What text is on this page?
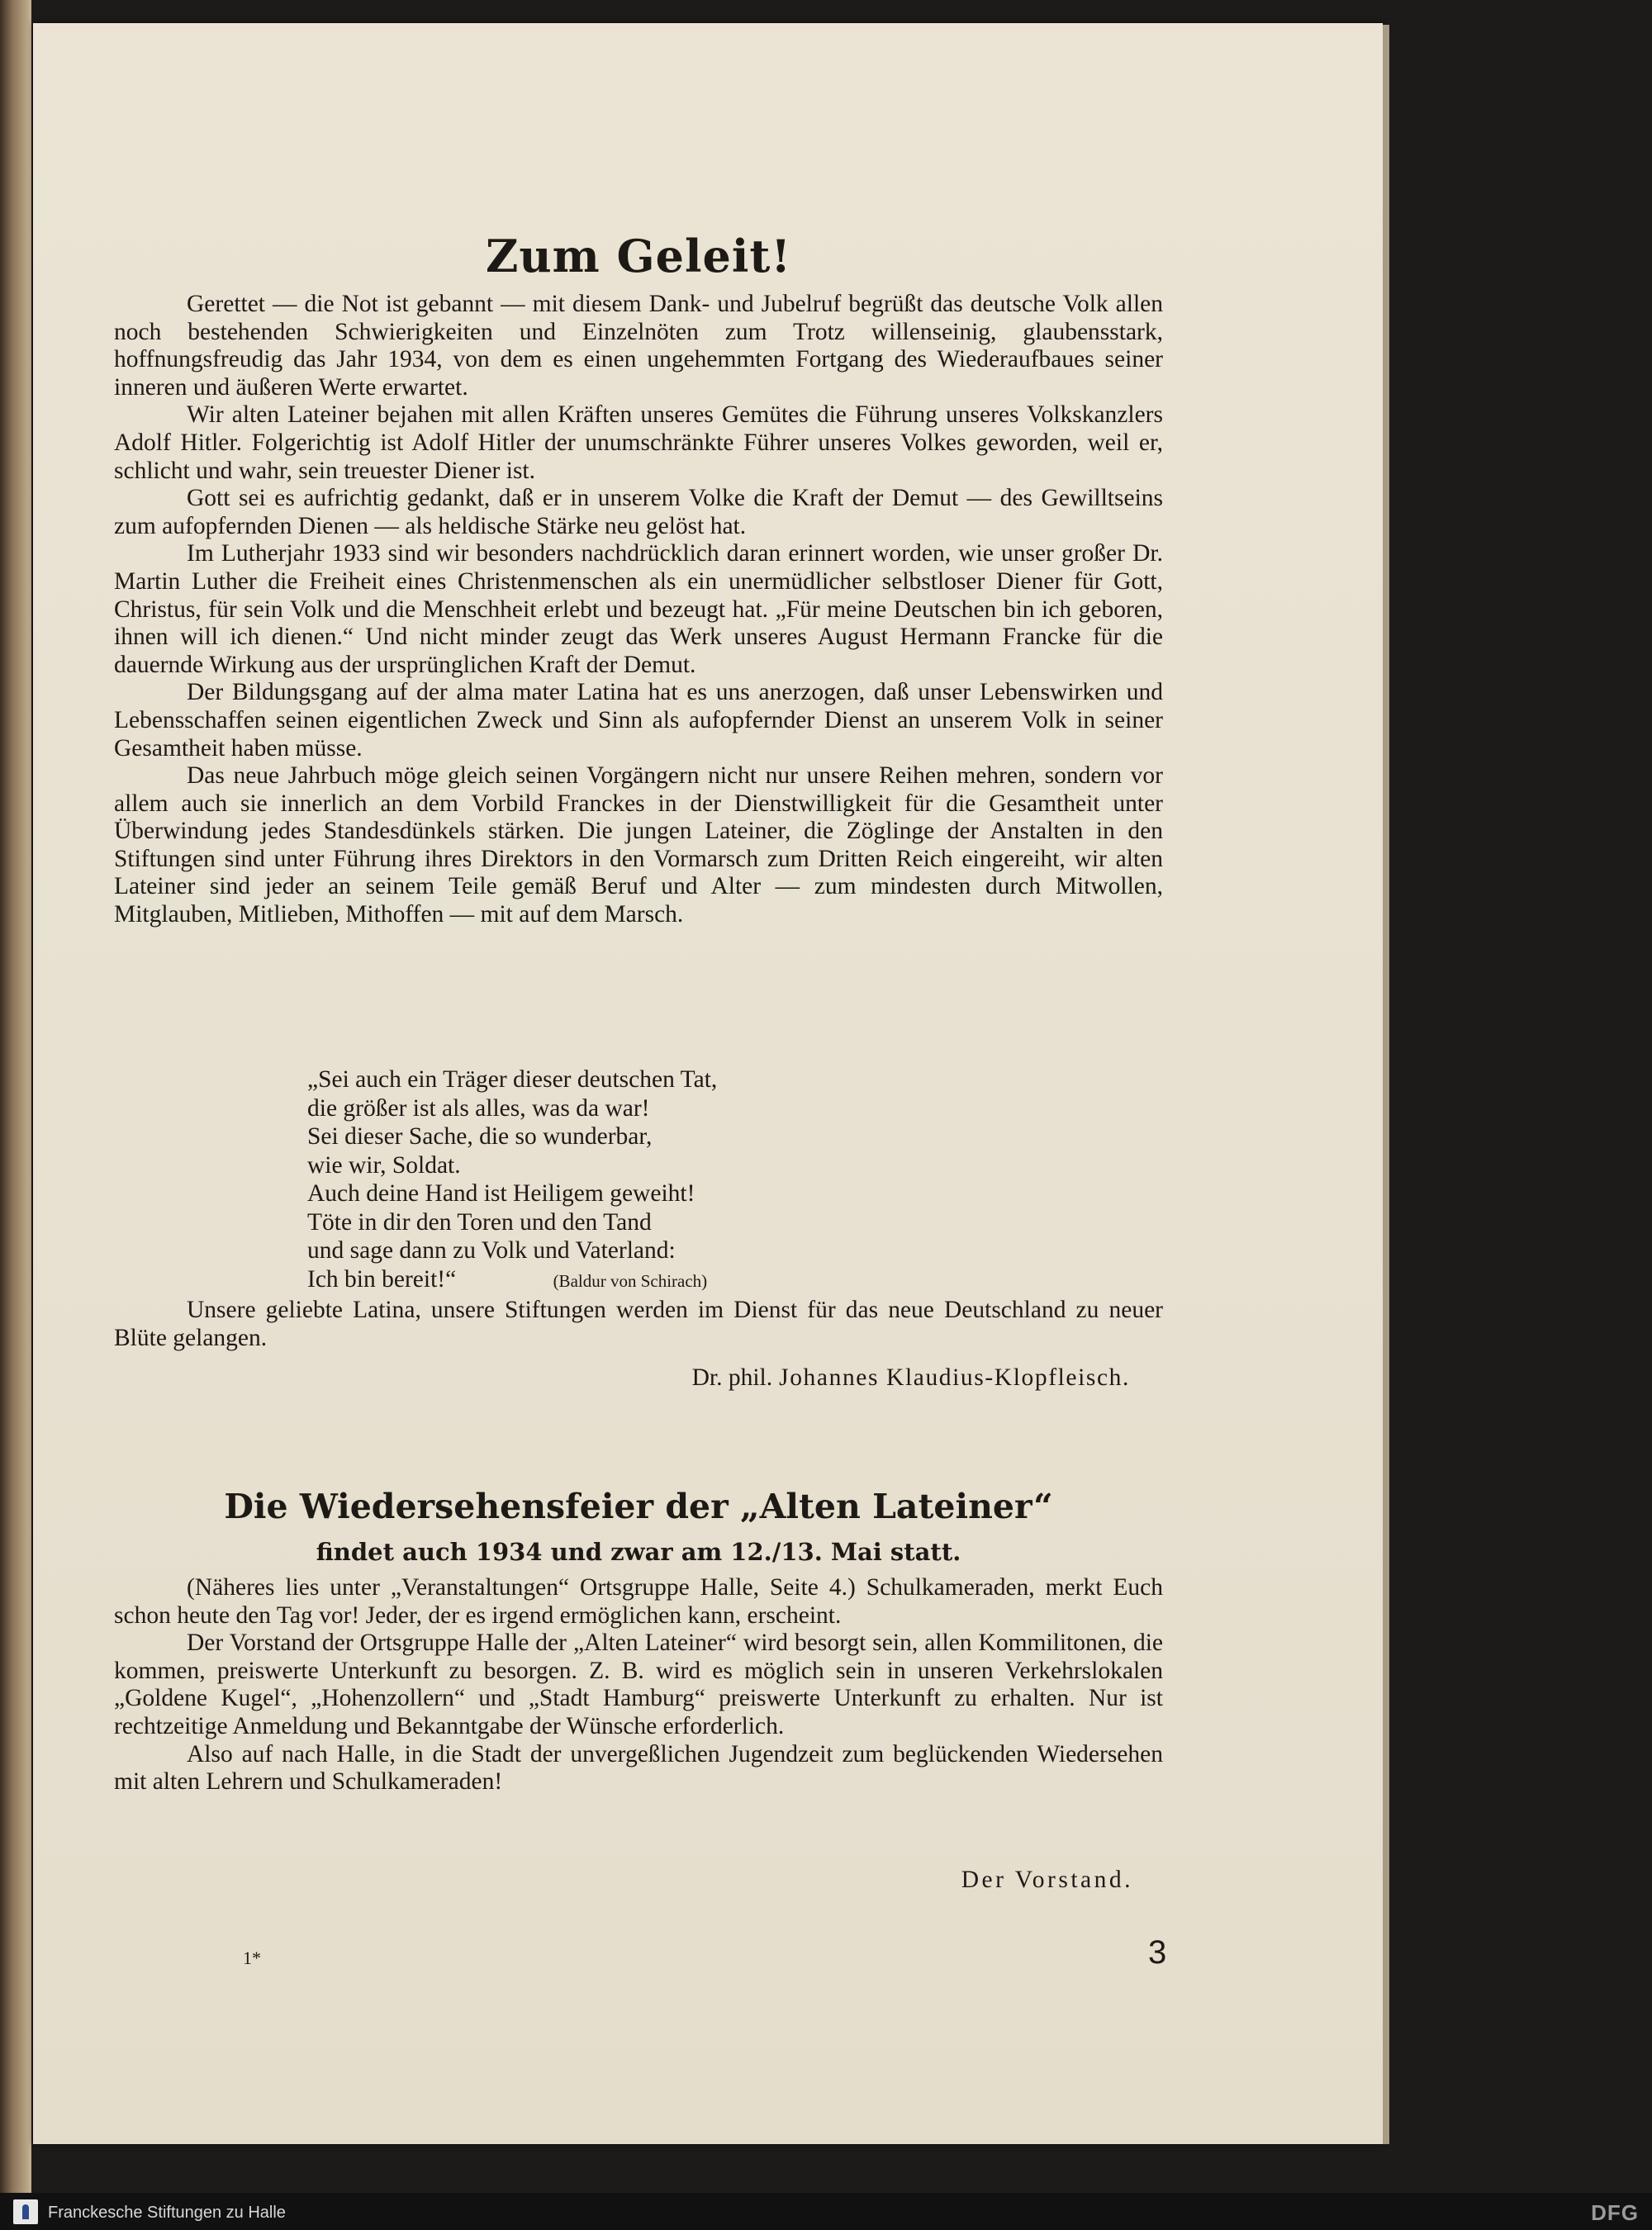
Zum Geleit!

Gerettet — die Not ist gebannt — mit diesem Dank- und Jubelruf begrüßt das deutsche Volk allen noch bestehenden Schwierigkeiten und Einzelnöten zum Trotz willenseinig, glaubensstark, hoffnungsfreudig das Jahr 1934, von dem es einen ungehemmten Fortgang des Wiederaufbaues seiner inneren und äußeren Werte erwartet.

Wir alten Lateiner bejahen mit allen Kräften unseres Gemütes die Führung unseres Volkskanzlers Adolf Hitler. Folgerichtig ist Adolf Hitler der unumschränkte Führer unseres Volkes geworden, weil er, schlicht und wahr, sein treuester Diener ist.

Gott sei es aufrichtig gedankt, daß er in unserem Volke die Kraft der Demut — des Gewilltseins zum aufopfernden Dienen — als heldische Stärke neu gelöst hat.

Im Lutherjahr 1933 sind wir besonders nachdrücklich daran erinnert worden, wie unser großer Dr. Martin Luther die Freiheit eines Christenmenschen als ein unermüdlicher selbstloser Diener für Gott, Christus, für sein Volk und die Menschheit erlebt und bezeugt hat. „Für meine Deutschen bin ich geboren, ihnen will ich dienen.“ Und nicht minder zeugt das Werk unseres August Hermann Francke für die dauernde Wirkung aus der ursprünglichen Kraft der Demut.

Der Bildungsgang auf der alma mater Latina hat es uns anerzogen, daß unser Lebenswirken und Lebensschaffen seinen eigentlichen Zweck und Sinn als aufopfernder Dienst an unserem Volk in seiner Gesamtheit haben müsse.

Das neue Jahrbuch möge gleich seinen Vorgängern nicht nur unsere Reihen mehren, sondern vor allem auch sie innerlich an dem Vorbild Franckes in der Dienstwilligkeit für die Gesamtheit unter Überwindung jedes Standesdünkels stärken. Die jungen Lateiner, die Zöglinge der Anstalten in den Stiftungen sind unter Führung ihres Direktors in den Vormarsch zum Dritten Reich eingereiht, wir alten Lateiner sind jeder an seinem Teile gemäß Beruf und Alter — zum mindesten durch Mitwollen, Mitglauben, Mitlieben, Mithoffen — mit auf dem Marsch.

„Sei auch ein Träger dieser deutschen Tat,
die größer ist als alles, was da war!
Sei dieser Sache, die so wunderbar,
wie wir, Soldat.
Auch deine Hand ist Heiligem geweiht!
Töte in dir den Toren und den Tand
und sage dann zu Volk und Vaterland:
Ich bin bereit!“	(Baldur von Schirach)

Unsere geliebte Latina, unsere Stiftungen werden im Dienst für das neue Deutschland zu neuer Blüte gelangen.

Dr. phil. Johannes Klaudius-Klopfleisch.
Die Wiedersehensfeier der „Alten Lateiner“
findet auch 1934 und zwar am 12./13. Mai statt.

(Näheres lies unter „Veranstaltungen“ Ortsgruppe Halle, Seite 4.) Schulkameraden, merkt Euch schon heute den Tag vor! Jeder, der es irgend ermöglichen kann, erscheint.

Der Vorstand der Ortsgruppe Halle der „Alten Lateiner“ wird besorgt sein, allen Kommilitonen, die kommen, preiswerte Unterkunft zu besorgen. Z. B. wird es möglich sein in unseren Verkehrslokalen „Goldene Kugel“, „Hohenzollern“ und „Stadt Hamburg“ preiswerte Unterkunft zu erhalten. Nur ist rechtzeitige Anmeldung und Bekanntgabe der Wünsche erforderlich.

Also auf nach Halle, in die Stadt der unvergeßlichen Jugendzeit zum beglückenden Wiedersehen mit alten Lehrern und Schulkameraden!

Der Vorstand.
1*	3
Franckesche Stiftungen zu Halle	DFG
